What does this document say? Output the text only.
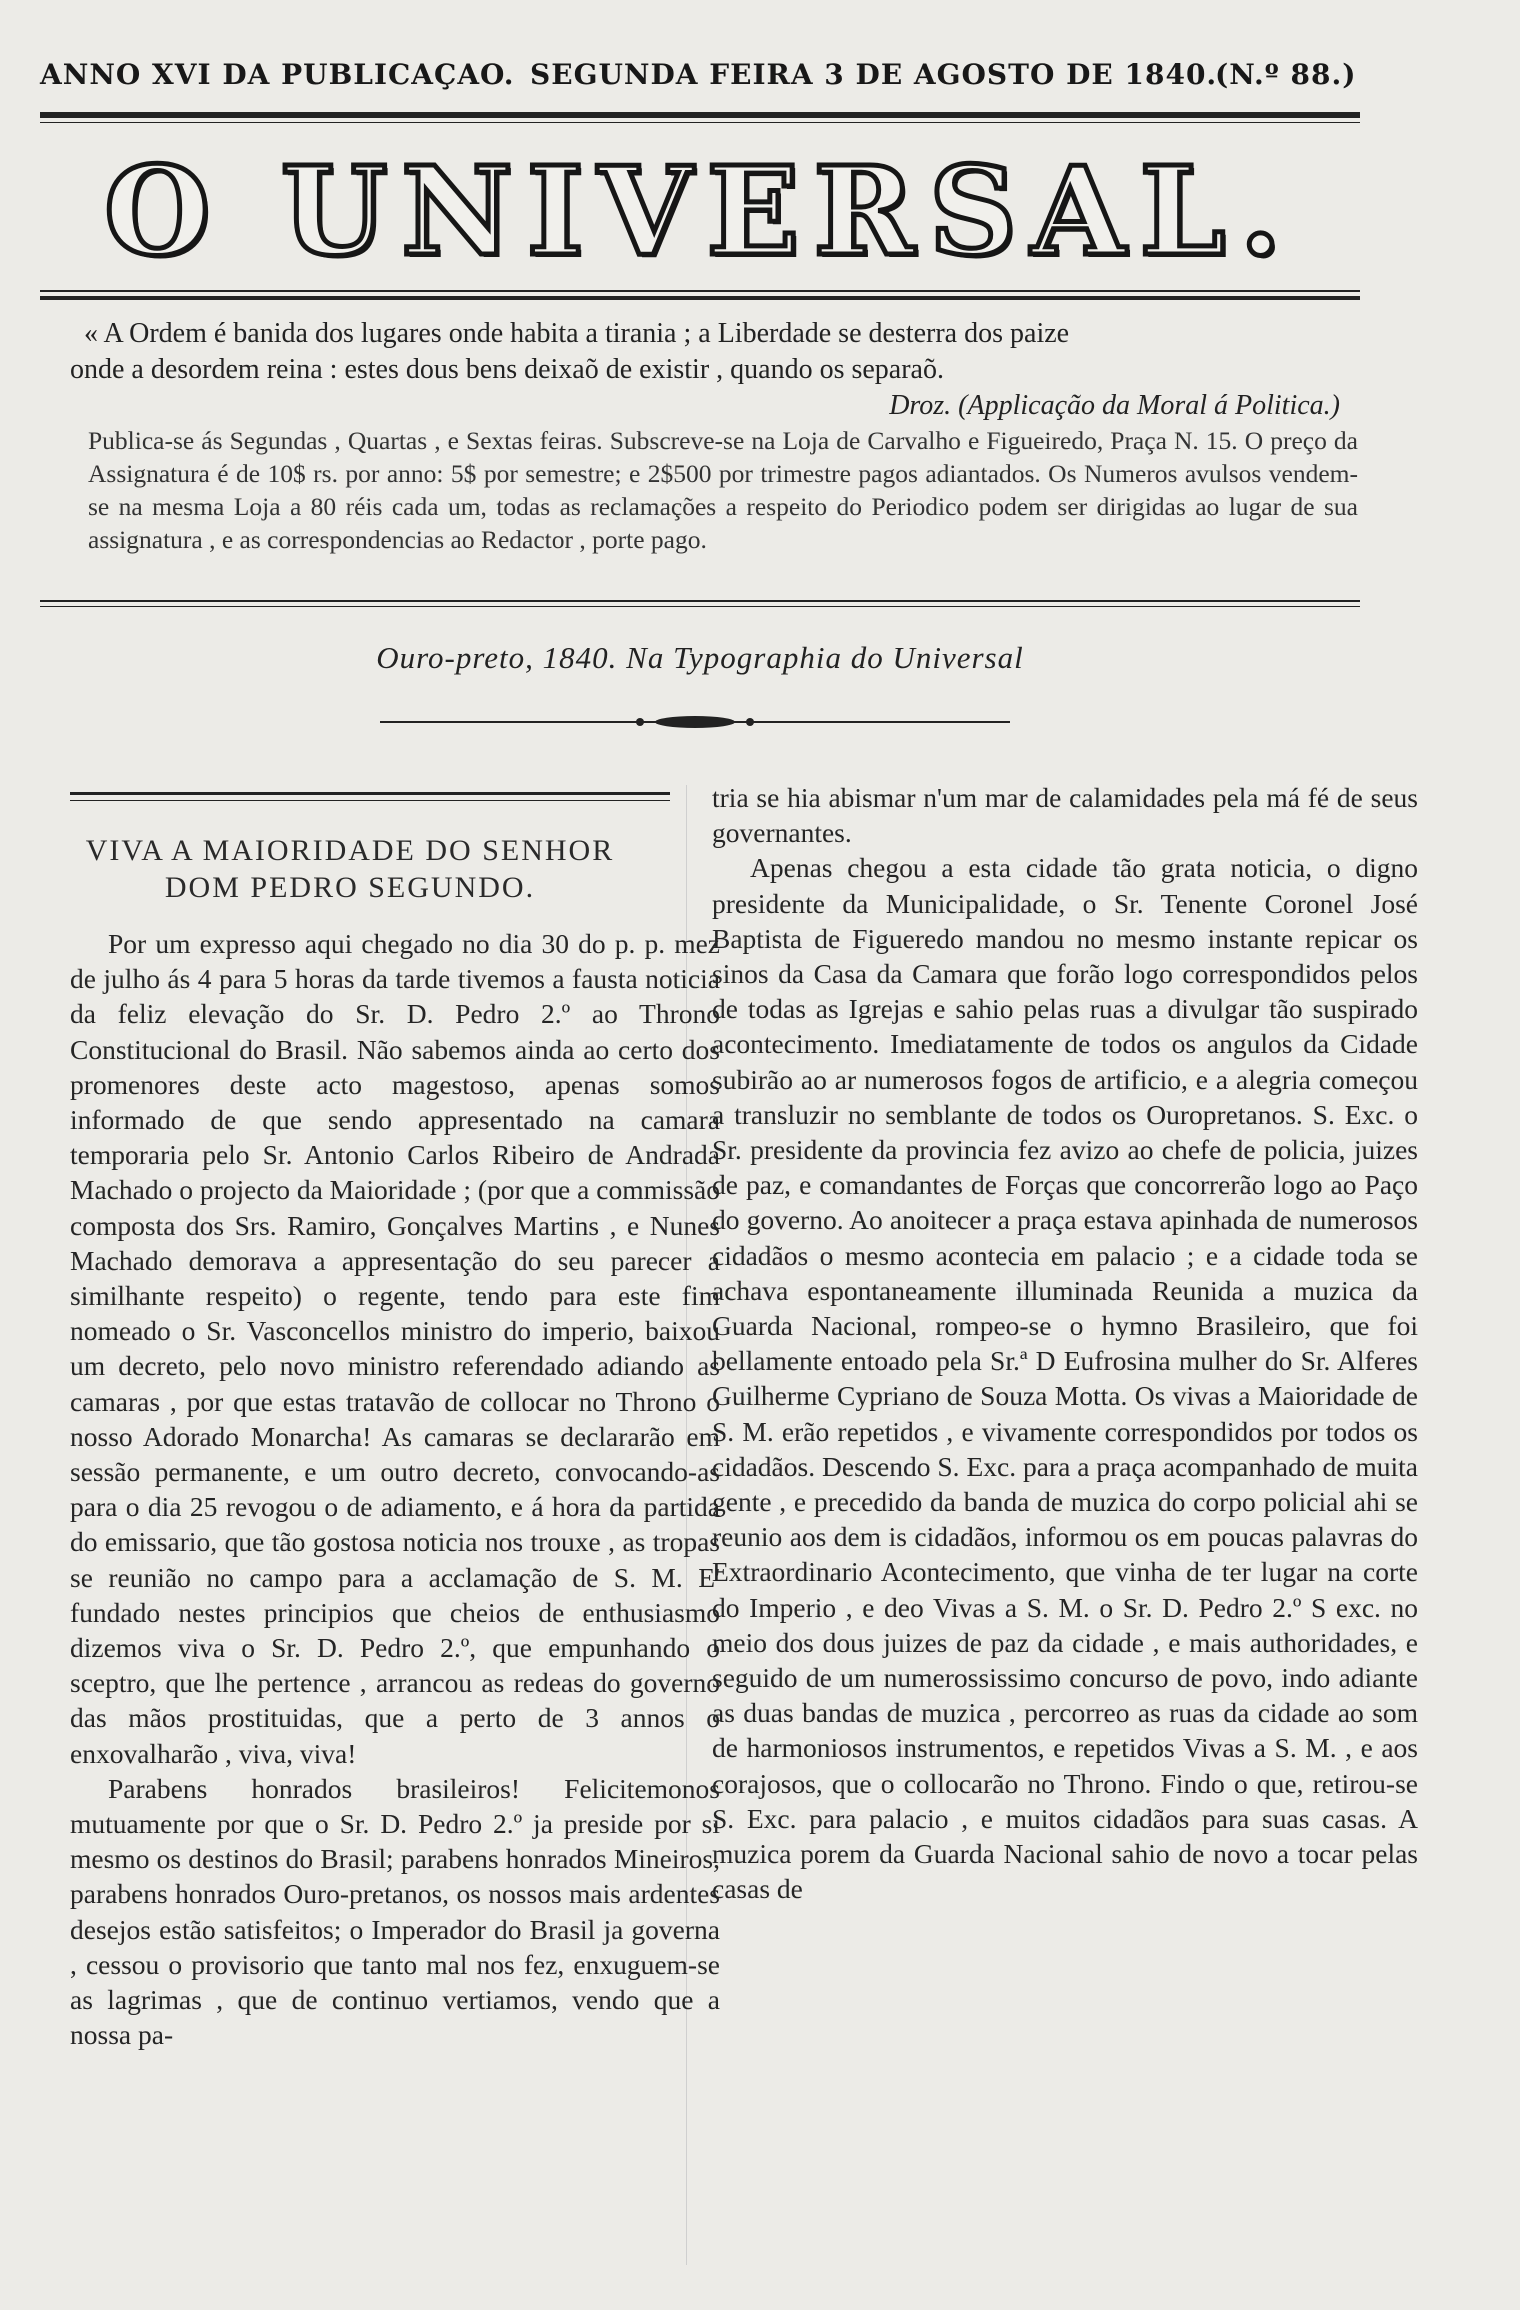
ANNO XVI DA PUBLICAÇAO. SEGUNDA FEIRA 3 DE AGOSTO DE 1840.
(N.º 88.)
O UNIVERSAL.

« A Ordem é banida dos lugares onde habita a tirania ; a Liberdade se desterra dos paize

onde a desordem reina : estes dous bens deixaõ de existir , quando os separaõ.

Droz. (Applicação da Moral á Politica.)

Publica-se ás Segundas , Quartas , e Sextas feiras. Subscreve-se na Loja de Carvalho e Figueiredo, Praça N. 15. O preço da Assignatura é de 10$ rs. por anno: 5$ por semestre; e 2$500 por trimestre pagos adiantados. Os Numeros avulsos vendem-se na mesma Loja a 80 réis cada um, todas as reclamações a respeito do Periodico podem ser dirigidas ao lugar de sua assignatura , e as correspondencias ao Redactor , porte pago.

Ouro-preto, 1840. Na Typographia do Universal
VIVA A MAIORIDADE DO SENHOR
DOM PEDRO SEGUNDO.

Por um expresso aqui chegado no dia 30 do p. p. mez de julho ás 4 para 5 horas da tarde tivemos a fausta noticia da feliz elevação do Sr. D. Pedro 2.º ao Throno Constitucional do Brasil. Não sabemos ainda ao certo dos promenores deste acto magestoso, apenas somos informado de que sendo appresentado na camara temporaria pelo Sr. Antonio Carlos Ribeiro de Andrada Machado o projecto da Maioridade ; (por que a commissão composta dos Srs. Ramiro, Gonçalves Martins , e Nunes Machado demorava a appresentação do seu parecer a similhante respeito) o regente, tendo para este fim nomeado o Sr. Vasconcellos ministro do imperio, baixou um decreto, pelo novo ministro referendado adiando as camaras , por que estas tratavão de collocar no Throno o nosso Adorado Monarcha! As camaras se declararão em sessão permanente, e um outro decreto, convocando-as para o dia 25 revogou o de adiamento, e á hora da partida do emissario, que tão gostosa noticia nos trouxe , as tropas se reunião no campo para a acclamação de S. M. E' fundado nestes principios que cheios de enthusiasmo dizemos viva o Sr. D. Pedro 2.º, que empunhando o sceptro, que lhe pertence , arrancou as redeas do governo das mãos prostituidas, que a perto de 3 annos o enxovalharão , viva, viva!

Parabens honrados brasileiros! Felicitemonos mutuamente por que o Sr. D. Pedro 2.º ja preside por si mesmo os destinos do Brasil; parabens honrados Mineiros, parabens honrados Ouro-pretanos, os nossos mais ardentes desejos estão satisfeitos; o Imperador do Brasil ja governa , cessou o provisorio que tanto mal nos fez, enxuguem-se as lagrimas , que de continuo vertiamos, vendo que a nossa pa-

tria se hia abismar n'um mar de calamidades pela má fé de seus governantes.

Apenas chegou a esta cidade tão grata noticia, o digno presidente da Municipalidade, o Sr. Tenente Coronel José Baptista de Figueredo mandou no mesmo instante repicar os sinos da Casa da Camara que forão logo correspondidos pelos de todas as Igrejas e sahio pelas ruas a divulgar tão suspirado acontecimento. Imediatamente de todos os angulos da Cidade subirão ao ar numerosos fogos de artificio, e a alegria começou a transluzir no semblante de todos os Ouropretanos. S. Exc. o Sr. presidente da provincia fez avizo ao chefe de policia, juizes de paz, e comandantes de Forças que concorrerão logo ao Paço do governo. Ao anoitecer a praça estava apinhada de numerosos cidadãos o mesmo acontecia em palacio ; e a cidade toda se achava espontaneamente illuminada Reunida a muzica da Guarda Nacional, rompeo-se o hymno Brasileiro, que foi bellamente entoado pela Sr.ª D Eufrosina mulher do Sr. Alferes Guilherme Cypriano de Souza Motta. Os vivas a Maioridade de S. M. erão repetidos , e vivamente correspondidos por todos os cidadãos. Descendo S. Exc. para a praça acompanhado de muita gente , e precedido da banda de muzica do corpo policial ahi se reunio aos dem is cidadãos, informou os em poucas palavras do Extraordinario Acontecimento, que vinha de ter lugar na corte do Imperio , e deo Vivas a S. M. o Sr. D. Pedro 2.º S exc. no meio dos dous juizes de paz da cidade , e mais authoridades, e seguido de um numerossissimo concurso de povo, indo adiante as duas bandas de muzica , percorreo as ruas da cidade ao som de harmoniosos instrumentos, e repetidos Vivas a S. M. , e aos corajosos, que o collocarão no Throno. Findo o que, retirou-se S. Exc. para palacio , e muitos cidadãos para suas casas. A muzica porem da Guarda Nacional sahio de novo a tocar pelas casas de
